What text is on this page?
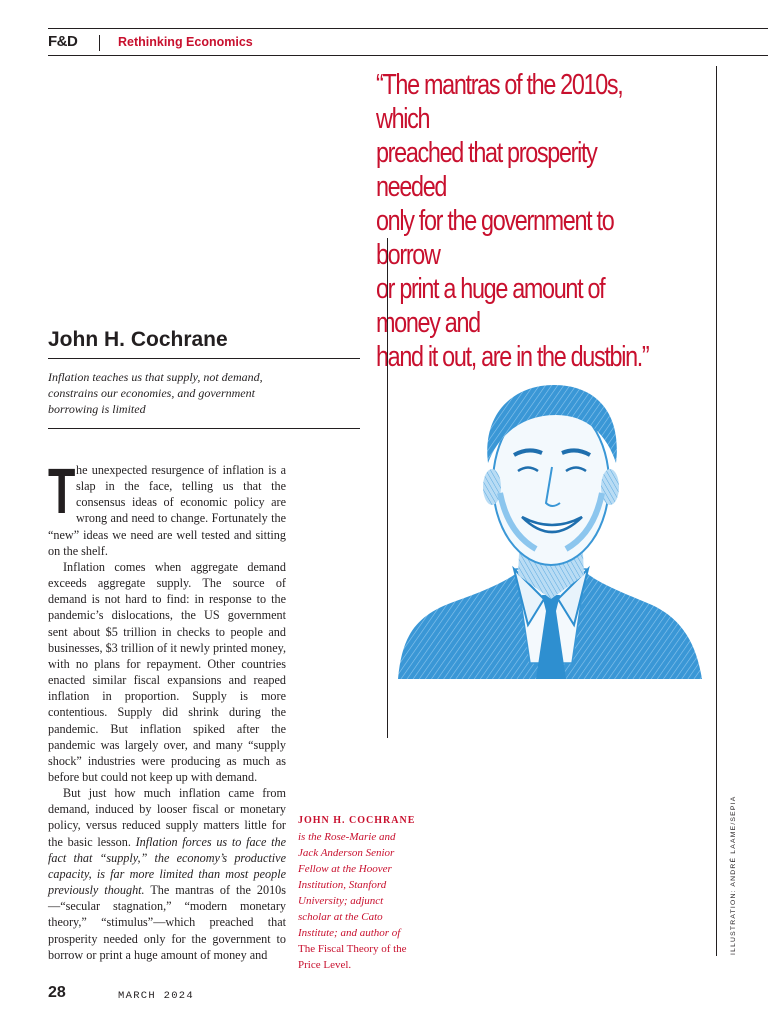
F&D	Rethinking Economics
“The mantras of the 2010s, which
preached that prosperity needed
only for the government to borrow
or print a huge amount of money and
hand it out, are in the dustbin.”
John H. Cochrane

Inflation teaches us that supply, not demand, constrains our economies, and government borrowing is limited

The unexpected resurgence of inflation is a slap in the face, telling us that the consensus ideas of economic policy are wrong and need to change. Fortunately the “new” ideas we need are well tested and sitting on the shelf.

Inflation comes when aggregate demand exceeds aggregate supply. The source of demand is not hard to find: in response to the pandemic’s dislocations, the US government sent about $5 trillion in checks to people and businesses, $3 trillion of it newly printed money, with no plans for repayment. Other countries enacted similar fiscal expansions and reaped inflation in proportion. Supply is more contentious. Supply did shrink during the pandemic. But inflation spiked after the pandemic was largely over, and many “supply shock” industries were producing as much as before but could not keep up with demand.

But just how much inflation came from demand, induced by looser fiscal or monetary policy, versus reduced supply matters little for the basic lesson. Inflation forces us to face the fact that “supply,” the economy’s productive capacity, is far more limited than most people previously thought. The mantras of the 2010s—“secular stagnation,” “modern monetary theory,” “stimulus”—which preached that prosperity needed only for the government to borrow or print a huge amount of money and

JOHN H. COCHRANE
is the Rose-Marie and Jack Anderson Senior Fellow at the Hoover Institution, Stanford University; adjunct scholar at the Cato Institute; and author of The Fiscal Theory of the Price Level.
ILLUSTRATION: ANDRÉ LAAME/SEPIA
28	MARCH 2024
